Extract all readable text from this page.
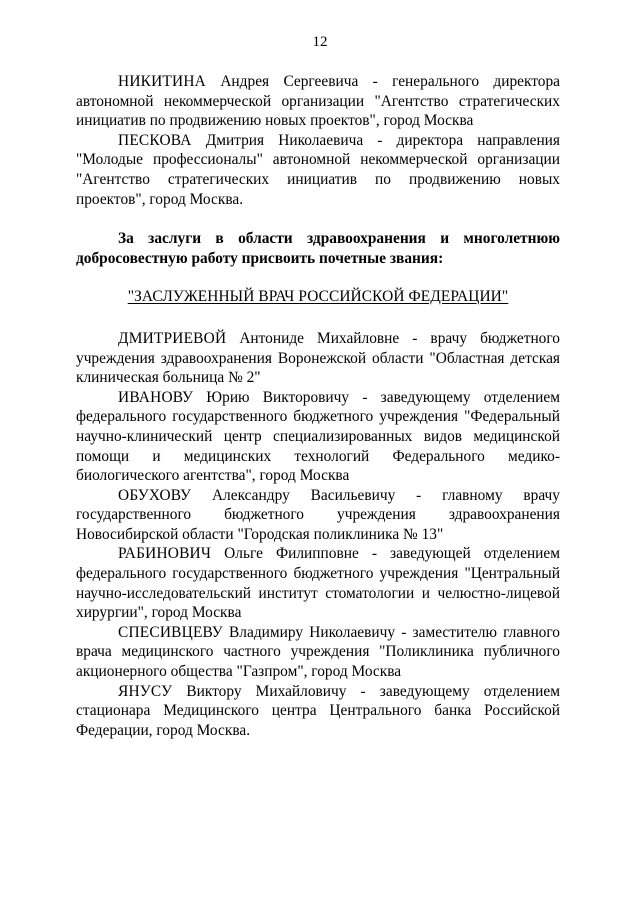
12

НИКИТИНА Андрея Сергеевича - генерального директора автономной некоммерческой организации "Агентство стратегических инициатив по продвижению новых проектов", город Москва

ПЕСКОВА Дмитрия Николаевича - директора направления "Молодые профессионалы" автономной некоммерческой организации "Агентство стратегических инициатив по продвижению новых проектов", город Москва.

За заслуги в области здравоохранения и многолетнюю добросовестную работу присвоить почетные звания:

"ЗАСЛУЖЕННЫЙ ВРАЧ РОССИЙСКОЙ ФЕДЕРАЦИИ"

ДМИТРИЕВОЙ Антониде Михайловне - врачу бюджетного учреждения здравоохранения Воронежской области "Областная детская клиническая больница № 2"

ИВАНОВУ Юрию Викторовичу - заведующему отделением федерального государственного бюджетного учреждения "Федеральный научно-клинический центр специализированных видов медицинской помощи и медицинских технологий Федерального медико-биологического агентства", город Москва

ОБУХОВУ Александру Васильевичу - главному врачу государственного бюджетного учреждения здравоохранения Новосибирской области "Городская поликлиника № 13"

РАБИНОВИЧ Ольге Филипповне - заведующей отделением федерального государственного бюджетного учреждения "Центральный научно-исследовательский институт стоматологии и челюстно-лицевой хирургии", город Москва

СПЕСИВЦЕВУ Владимиру Николаевичу - заместителю главного врача медицинского частного учреждения "Поликлиника публичного акционерного общества "Газпром", город Москва

ЯНУСУ Виктору Михайловичу - заведующему отделением стационара Медицинского центра Центрального банка Российской Федерации, город Москва.
